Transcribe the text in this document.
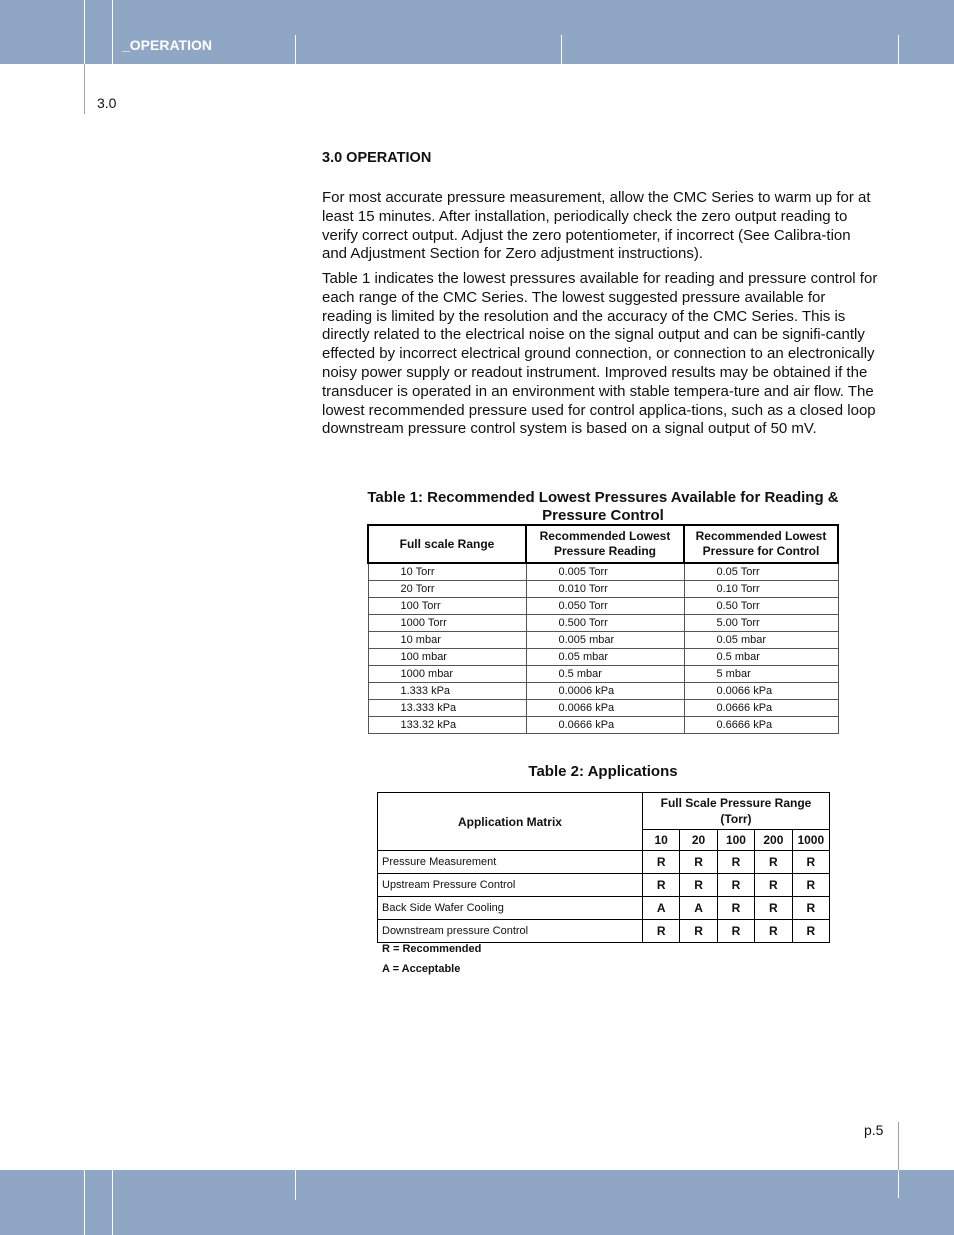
_OPERATION
3.0
3.0 OPERATION

For most accurate pressure measurement, allow the CMC Series to warm up for at least 15 minutes. After installation, periodically check the zero output reading to verify correct output. Adjust the zero potentiometer, if incorrect (See Calibra-tion and Adjustment Section for Zero adjustment instructions).

Table 1 indicates the lowest pressures available for reading and pressure control for each range of the CMC Series. The lowest suggested pressure available for reading is limited by the resolution and the accuracy of the CMC Series. This is directly related to the electrical noise on the signal output and can be signifi-cantly effected by incorrect electrical ground connection, or connection to an electronically noisy power supply or readout instrument. Improved results may be obtained if the transducer is operated in an environment with stable tempera-ture and air flow. The lowest recommended pressure used for control applica-tions, such as a closed loop downstream pressure control system is based on a signal output of 50 mV.

Table 1: Recommended Lowest Pressures Available for Reading &
Pressure Control
Full scale Range	Recommended Lowest Pressure Reading	Recommended Lowest Pressure for Control
10 Torr	0.005 Torr	0.05 Torr
20 Torr	0.010 Torr	0.10 Torr
100 Torr	0.050 Torr	0.50 Torr
1000 Torr	0.500 Torr	5.00 Torr
10 mbar	0.005 mbar	0.05 mbar
100 mbar	0.05 mbar	0.5 mbar
1000 mbar	0.5 mbar	5 mbar
1.333 kPa	0.0006 kPa	0.0066 kPa
13.333 kPa	0.0066 kPa	0.0666 kPa
133.32 kPa	0.0666 kPa	0.6666 kPa
Table 2: Applications
Application Matrix	Full Scale Pressure Range (Torr)				
	10	20	100	200	1000
Pressure Measurement	R	R	R	R	R
Upstream Pressure Control	R	R	R	R	R
Back Side Wafer Cooling	A	A	R	R	R
Downstream pressure Control	R	R	R	R	R
R = Recommended
A = Acceptable
p.5
